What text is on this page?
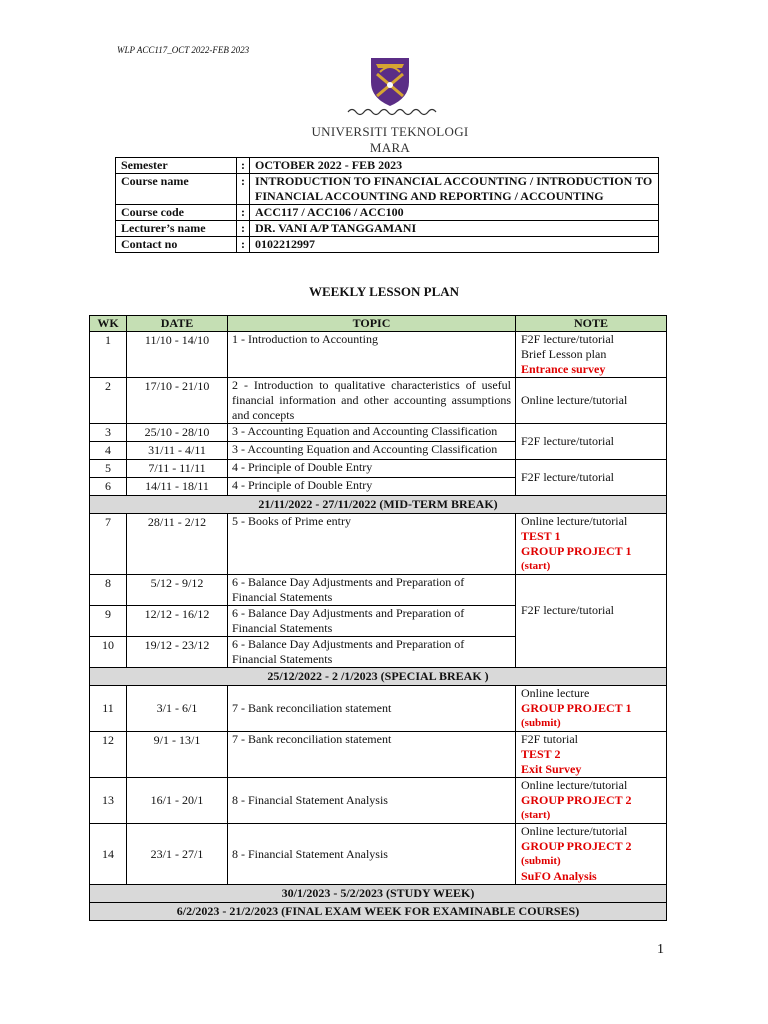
WLP ACC117_OCT 2022-FEB 2023
UNIVERSITI TEKNOLOGI MARA
Semester	:	OCTOBER 2022 - FEB 2023
Course name	:	INTRODUCTION TO FINANCIAL ACCOUNTING / INTRODUCTION TO FINANCIAL ACCOUNTING AND REPORTING / ACCOUNTING
Course code	:	ACC117 / ACC106 / ACC100
Lecturer’s name	:	DR. VANI A/P TANGGAMANI
Contact no	:	0102212997
WEEKLY LESSON PLAN
WK	DATE	TOPIC	NOTE
1	11/10 - 14/10	1 - Introduction to Accounting	F2F lecture/tutorial
Brief Lesson plan
Entrance survey

2	17/10 - 21/10	2 - Introduction to qualitative characteristics of useful financial information and other accounting assumptions and concepts	Online lecture/tutorial
3	25/10 - 28/10	3 - Accounting Equation and Accounting Classification	F2F lecture/tutorial
4	31/11 - 4/11	3 - Accounting Equation and Accounting Classification	
5	7/11 - 11/11	4 - Principle of Double Entry	F2F lecture/tutorial
6	14/11 - 18/11	4 - Principle of Double Entry	
21/11/2022 - 27/11/2022 (MID-TERM BREAK)			
7	28/11 - 2/12	5 - Books of Prime entry	Online lecture/tutorial
TEST 1
GROUP PROJECT 1
(start)

8	5/12 - 9/12	6 - Balance Day Adjustments and Preparation of Financial Statements	F2F lecture/tutorial
9	12/12 - 16/12	6 - Balance Day Adjustments and Preparation of Financial Statements	
10	19/12 - 23/12	6 - Balance Day Adjustments and Preparation of Financial Statements	
25/12/2022 - 2 /1/2023 (SPECIAL BREAK )			
11	3/1 - 6/1	7 - Bank reconciliation statement	Online lecture
GROUP PROJECT 1
(submit)

12	9/1 - 13/1	7 - Bank reconciliation statement	F2F tutorial
TEST 2
Exit Survey

13	16/1 - 20/1	8 - Financial Statement Analysis	Online lecture/tutorial
GROUP PROJECT 2
(start)

14	23/1 - 27/1	8 - Financial Statement Analysis	Online lecture/tutorial
GROUP PROJECT 2
(submit)
SuFO Analysis

30/1/2023 - 5/2/2023 (STUDY WEEK)			
6/2/2023 - 21/2/2023 (FINAL EXAM WEEK FOR EXAMINABLE COURSES)			
1
